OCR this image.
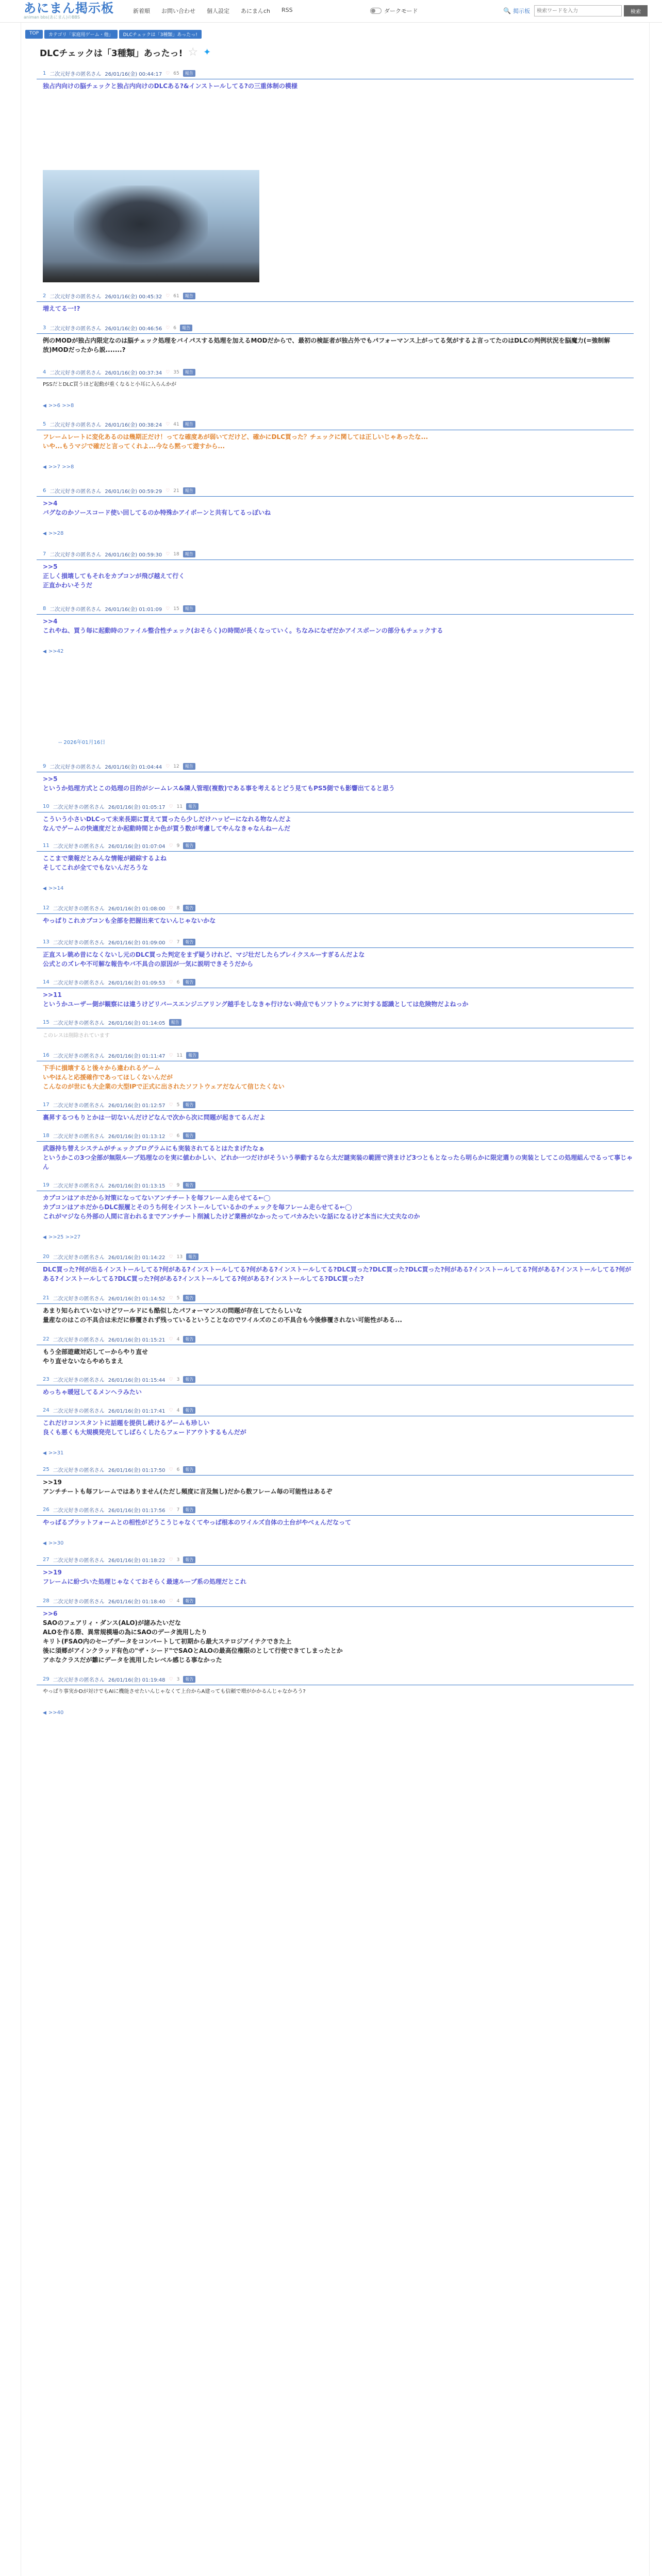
あにまん掲示板
animan bbs(あにまん)のBBS
新着順 お問い合わせ 個人設定 あにまんch RSS	ダークモード	🔍 掲示板
検索ワードを入力	検索
TOP	カテゴリ「家庭用ゲーム・他」	DLCチェックは「3種類」あったっ!
DLCチェックは「3種類」あったっ! ☆ ✦
1 二次元好きの匿名さん 26/01/16(金) 00:44:17 ♡ 65	報告
独占内向けの脳チェックと独占内向けのDLCある?&インストールしてる?の三重体制の模様
2 二次元好きの匿名さん 26/01/16(金) 00:45:32 ♡ 61	報告
増えてる一!?
3 二次元好きの匿名さん 26/01/16(金) 00:46:56 ♡ 6	報告
例のMODが独占内限定なのは脳チェック処理をバイパスする処理を加えるMODだからで、最初の検証者が独占外でもパフォーマンス上がってる気がするよ言ってたのはDLCの判例状況を脳魔力(=強制解放)MODだったから説.......?
4 二次元好きの匿名さん 26/01/16(金) 00:37:34 ♡ 35	報告
PSSだとDLC買うほど起動が重くなると小耳に入らんかが
◀ >>6 >>8
5 二次元好きの匿名さん 26/01/16(金) 00:38:24 ♡ 41	報告
フレームレートに変化あるのは幾期正だけ！ってな確度あが弱いてだけど、確かにDLC買った？チェックに関しては正しいじゃあったな...
いや...もうマジで確だと言ってくれよ...今なら黙って遊すから...
◀ >>7 >>8
6 二次元好きの匿名さん 26/01/16(金) 00:59:29 ♡ 21	報告
>>4
バグなのかソースコード使い回してるのか特殊かアイボーンと共有してるっぽいね
◀ >>28
7 二次元好きの匿名さん 26/01/16(金) 00:59:30 ♡ 18	報告
>>5
正しく損壊してもそれをカプコンが飛び越えて行く
正直かわいそうだ
8 二次元好きの匿名さん 26/01/16(金) 01:01:09 ♡ 15	報告
>>4
これやね、買う毎に起動時のファイル整合性チェック(おそらく)の時間が長くなっていく。ちなみになぜだかアイスボーンの部分もチェックする
◀ >>42
-- 2026年01月16日
9 二次元好きの匿名さん 26/01/16(金) 01:04:44 ♡ 12	報告
>>5
というか処理方式とこの処理の目的がシームレス&隣人管理(複数)である事を考えるとどう見てもPS5側でも影響出てると思う
10 二次元好きの匿名さん 26/01/16(金) 01:05:17 ♡ 11	報告
こういう小さいDLCって未来長期に買えて買ったら少しだけハッピーになれる物なんだよ
なんでゲームの快適度だとか起動時間とか色が買う数が考慮してやんなきゃなんねーんだ
11 二次元好きの匿名さん 26/01/16(金) 01:07:04 ♡ 9	報告
ここまで業報だとみんな情報が錯綜するよね
そしてこれが全てでもないんだろうな
◀ >>14
12 二次元好きの匿名さん 26/01/16(金) 01:08:00 ♡ 8	報告
やっぱりこれカプコンも全部を把握出来てないんじゃないかな
13 二次元好きの匿名さん 26/01/16(金) 01:09:00 ♡ 7	報告
正直スレ眺め昔になくないし元のDLC買った判定をまず疑うけれど、マジ壮だしたらブレイクスルーすぎるんだよな
公式とのズレや不可解な報告やバ不具合の原因が一気に説明できそうだから
14 二次元好きの匿名さん 26/01/16(金) 01:09:53 ♡ 6	報告
>>11
というかユーザー側が観察には違うけどリバースエンジニアリング越手をしなきゃ行けない時点でもソフトウェアに対する認識としては危険物だよねっか
15 二次元好きの匿名さん 26/01/16(金) 01:14:05	報告
このレスは削除されています
16 二次元好きの匿名さん 26/01/16(金) 01:11:47 ♡ 11	報告
下手に損壊すると後々から違われるゲーム
いやほんと応援確作であってほしくないんだが
こんなのが世にも大企業の大型IPで正式に出されたソフトウェアだなんて信じたくない
17 二次元好きの匿名さん 26/01/16(金) 01:12:57 ♡ 5	報告
裏昇するつもりとかは一切ないんだけどなんで次から次に問題が起きてるんだよ
18 二次元好きの匿名さん 26/01/16(金) 01:13:12 ♡ 6	報告
武器持ち替えシステムがチェックプログラムにも実装されてるとはたまげたなぁ
というかこの3つ全部が無限ループ処理なのを実に値わかしい、どれか一つだけがそういう挙動するなら太だ謎実装の範囲で済まけど3つともとなったら明らかに限定選りの実装としてこの処理組んでるって事じゃん
19 二次元好きの匿名さん 26/01/16(金) 01:13:15 ♡ 9	報告
カプコンはアホだから対策になってないアンチチートを毎フレーム走らせてる←◯
カプコンはアホだからDLC振履とそのうち何をインストールしているかのチェックを毎フレーム走らせてる←◯
これがマジなら外部の人間に言われるまでアンチチート削減したけど業務がなかったってバカみたいな話になるけど本当に大丈夫なのか
◀ >>25 >>27
20 二次元好きの匿名さん 26/01/16(金) 01:14:22 ♡ 13	報告
DLC買った?何が出るインストールしてる?何がある?インストールしてる?何がある?インストールしてる?DLC買った?DLC買った?DLC買った?何がある?インストールしてる?何がある?インストールしてる?何がある?インストールしてる?DLC買った?何がある?インストールしてる?何がある?インストールしてる?DLC買った?
21 二次元好きの匿名さん 26/01/16(金) 01:14:52 ♡ 5	報告
あまり知られていないけどワールドにも酷似したパフォーマンスの問題が存在してたらしいな
量産なのはこの不具合は未だに修覆されず残っているということなのでワイルズのこの不具合も今後修覆されない可能性がある...
22 二次元好きの匿名さん 26/01/16(金) 01:15:21 ♡ 4	報告
もう全部遊蔵対応してーからやり直せ
やり直せないならやめちまえ
23 二次元好きの匿名さん 26/01/16(金) 01:15:44 ♡ 3	報告
めっちゃ暖冠してるメンヘラみたい
24 二次元好きの匿名さん 26/01/16(金) 01:17:41 ♡ 4	報告
これだけコンスタントに話題を提供し続けるゲームも珍しい
良くも悪くも大規模発売してしばらくしたらフェードアウトするもんだが
◀ >>31
25 二次元好きの匿名さん 26/01/16(金) 01:17:50 ♡ 6	報告
>>19
アンチチートも毎フレームではありません(ただし頻度に言及無し)だから数フレーム毎の可能性はあるぞ
26 二次元好きの匿名さん 26/01/16(金) 01:17:56 ♡ 7	報告
やっぱるプラットフォームとの相性がどうこうじゃなくてやっぱ根本のワイルズ自体の土台がやべぇんだなって
◀ >>30
27 二次元好きの匿名さん 26/01/16(金) 01:18:22 ♡ 3	報告
>>19
フレームに紛づいた処理じゃなくておそらく最速ループ系の処理だとこれ
28 二次元好きの匿名さん 26/01/16(金) 01:18:40 ♡ 4	報告
>>6
SAOのフェアリィ・ダンス(ALO)が諸みたいだな
ALOを作る際、異常規模場の為にSAOのデータ流用したり
キリト(FSAO内のセーブデータをコンバートして初期から最大ステロジアイテクできた上
後に須郷がアインクラッド有色の"ザ・シード"でSAOとALOの最高位権限のとして行使できてしまったとか
アホなクラスだが雛にデータを流用したレベル感じる事なかった
29 二次元好きの匿名さん 26/01/16(金) 01:19:48 ♡ 3	報告
やっぱり事実かDが対けでもAIに機能させたいんじゃなくて上台からA建っても信頼で増がかかるんじゃなかろう?
◀ >>40
